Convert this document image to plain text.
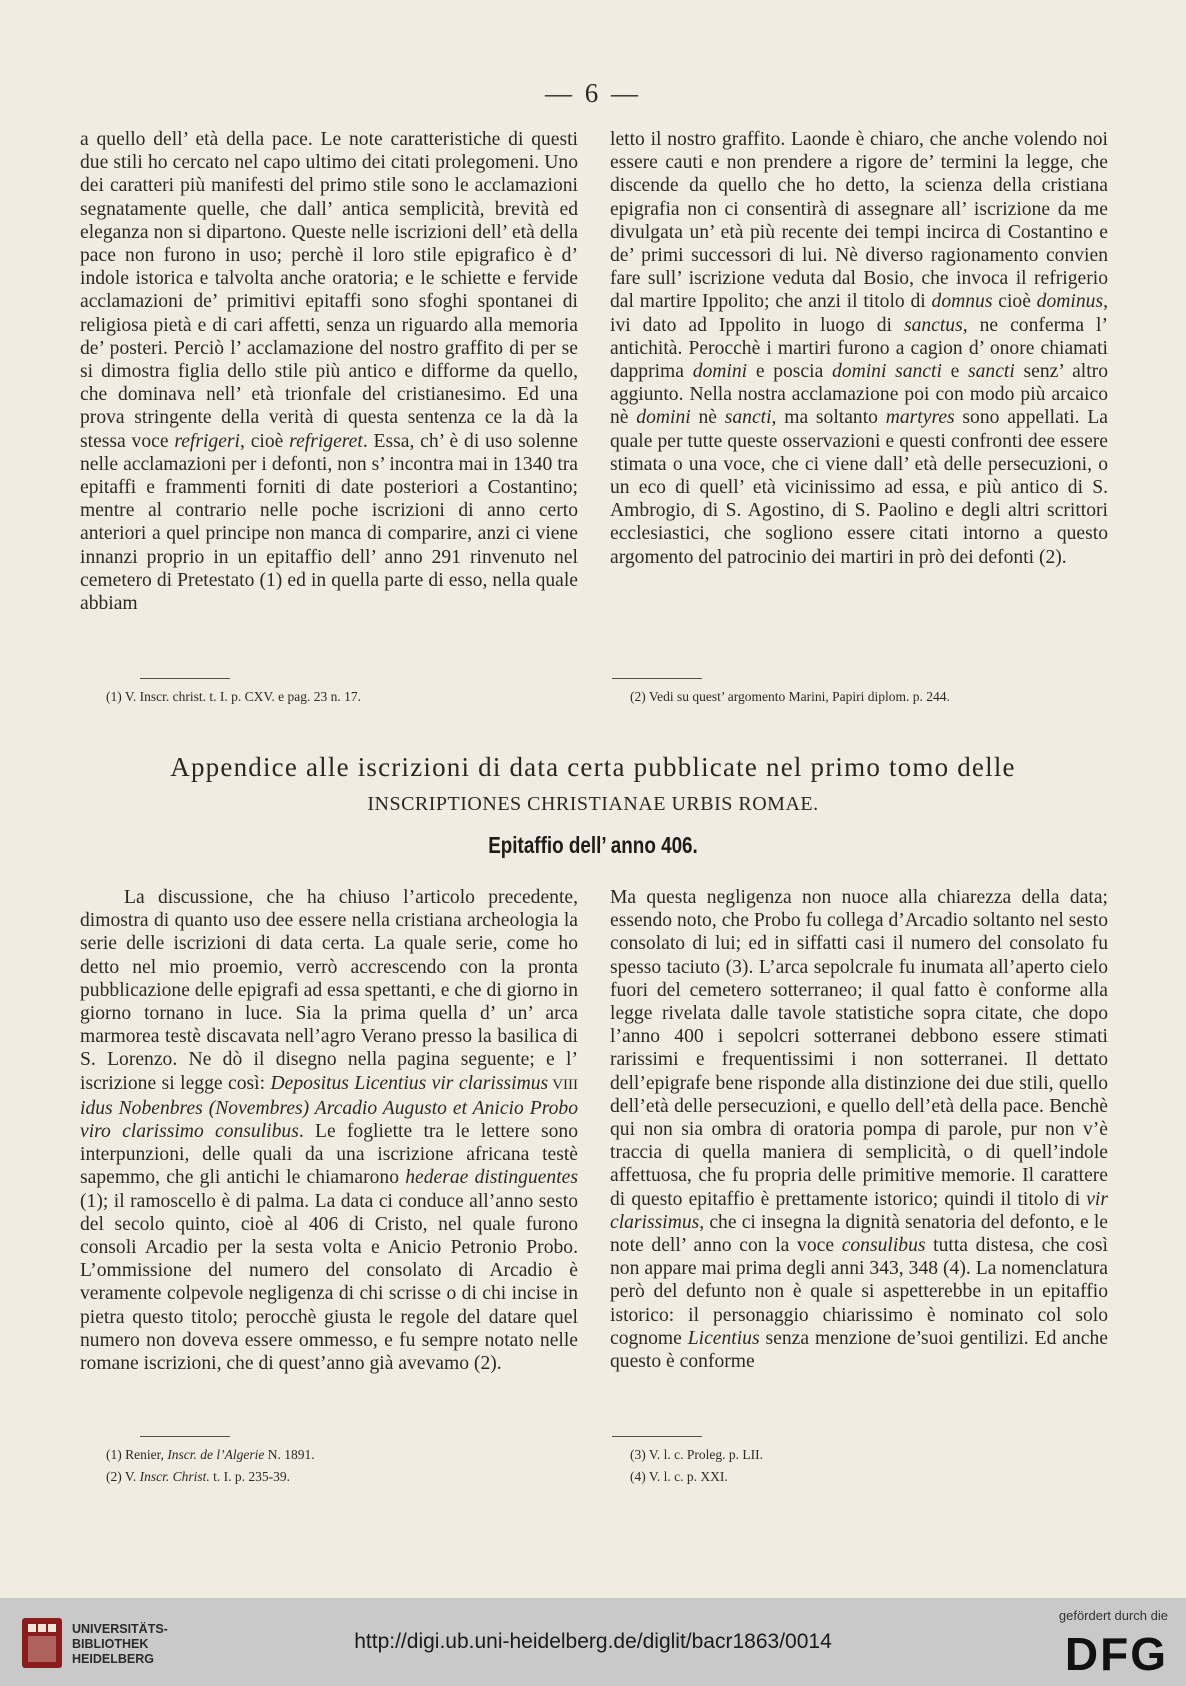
— 6 —

a quello dell’ età della pace. Le note caratteristiche di questi due stili ho cercato nel capo ultimo dei citati prolegomeni. Uno dei caratteri più manifesti del primo stile sono le acclamazioni segnatamente quelle, che dall’ antica semplicità, brevità ed eleganza non si dipartono. Queste nelle iscrizioni dell’ età della pace non furono in uso; perchè il loro stile epigrafico è d’ indole istorica e talvolta anche oratoria; e le schiette e fervide acclamazioni de’ primitivi epitaffi sono sfoghi spontanei di religiosa pietà e di cari affetti, senza un riguardo alla memoria de’ posteri. Perciò l’ acclamazione del nostro graffito di per se si dimostra figlia dello stile più antico e difforme da quello, che dominava nell’ età trionfale del cristianesimo. Ed una prova stringente della verità di questa sentenza ce la dà la stessa voce refrigeri, cioè refrigeret. Essa, ch’ è di uso solenne nelle acclamazioni per i defonti, non s’ incontra mai in 1340 tra epitaffi e frammenti forniti di date posteriori a Costantino; mentre al contrario nelle poche iscrizioni di anno certo anteriori a quel principe non manca di comparire, anzi ci viene innanzi proprio in un epitaffio dell’ anno 291 rinvenuto nel cemetero di Pretestato (1) ed in quella parte di esso, nella quale abbiam

letto il nostro graffito. Laonde è chiaro, che anche volendo noi essere cauti e non prendere a rigore de’ termini la legge, che discende da quello che ho detto, la scienza della cristiana epigrafia non ci consentirà di assegnare all’ iscrizione da me divulgata un’ età più recente dei tempi incirca di Costantino e de’ primi successori di lui. Nè diverso ragionamento convien fare sull’ iscrizione veduta dal Bosio, che invoca il refrigerio dal martire Ippolito; che anzi il titolo di domnus cioè dominus, ivi dato ad Ippolito in luogo di sanctus, ne conferma l’ antichità. Perocchè i martiri furono a cagion d’ onore chiamati dapprima domini e poscia domini sancti e sancti senz’ altro aggiunto. Nella nostra acclamazione poi con modo più arcaico nè domini nè sancti, ma soltanto martyres sono appellati. La quale per tutte queste osservazioni e questi confronti dee essere stimata o una voce, che ci viene dall’ età delle persecuzioni, o un eco di quell’ età vicinissimo ad essa, e più antico di S. Ambrogio, di S. Agostino, di S. Paolino e degli altri scrittori ecclesiastici, che sogliono essere citati intorno a questo argomento del patrocinio dei martiri in prò dei defonti (2).

(1) V. Inscr. christ. t. I. p. CXV. e pag. 23 n. 17.	(2) Vedi su quest’ argomento Marini, Papiri diplom. p. 244.
Appendice alle iscrizioni di data certa pubblicate nel primo tomo delle
INSCRIPTIONES CHRISTIANAE URBIS ROMAE.
Epitaffio dell’ anno 406.

La discussione, che ha chiuso l’articolo precedente, dimostra di quanto uso dee essere nella cristiana archeologia la serie delle iscrizioni di data certa. La quale serie, come ho detto nel mio proemio, verrò accrescendo con la pronta pubblicazione delle epigrafi ad essa spettanti, e che di giorno in giorno tornano in luce. Sia la prima quella d’ un’ arca marmorea testè discavata nell’agro Verano presso la basilica di S. Lorenzo. Ne dò il disegno nella pagina seguente; e l’ iscrizione si legge così: Depositus Licentius vir clarissimus VIII idus Nobenbres (Novembres) Arcadio Augusto et Anicio Probo viro clarissimo consulibus. Le fogliette tra le lettere sono interpunzioni, delle quali da una iscrizione africana testè sapemmo, che gli antichi le chiamarono hederae distinguentes (1); il ramoscello è di palma. La data ci conduce all’anno sesto del secolo quinto, cioè al 406 di Cristo, nel quale furono consoli Arcadio per la sesta volta e Anicio Petronio Probo. L’ommissione del numero del consolato di Arcadio è veramente colpevole negligenza di chi scrisse o di chi incise in pietra questo titolo; perocchè giusta le regole del datare quel numero non doveva essere ommesso, e fu sempre notato nelle romane iscrizioni, che di quest’anno già avevamo (2).

Ma questa negligenza non nuoce alla chiarezza della data; essendo noto, che Probo fu collega d’Arcadio soltanto nel sesto consolato di lui; ed in siffatti casi il numero del consolato fu spesso taciuto (3). L’arca sepolcrale fu inumata all’aperto cielo fuori del cemetero sotterraneo; il qual fatto è conforme alla legge rivelata dalle tavole statistiche sopra citate, che dopo l’anno 400 i sepolcri sotterranei debbono essere stimati rarissimi e frequentissimi i non sotterranei. Il dettato dell’epigrafe bene risponde alla distinzione dei due stili, quello dell’età delle persecuzioni, e quello dell’età della pace. Benchè qui non sia ombra di oratoria pompa di parole, pur non v’è traccia di quella maniera di semplicità, o di quell’indole affettuosa, che fu propria delle primitive memorie. Il carattere di questo epitaffio è prettamente istorico; quindi il titolo di vir clarissimus, che ci insegna la dignità senatoria del defonto, e le note dell’ anno con la voce consulibus tutta distesa, che così non appare mai prima degli anni 343, 348 (4). La nomenclatura però del defunto non è quale si aspetterebbe in un epitaffio istorico: il personaggio chiarissimo è nominato col solo cognome Licentius senza menzione de’suoi gentilizi. Ed anche questo è conforme

(1) Renier, Inscr. de l’Algerie N. 1891.
(2) V. Inscr. Christ. t. I. p. 235-39.
(3) V. l. c. Proleg. p. LII.
(4) V. l. c. p. XXI.
UNIVERSITÄTS-
BIBLIOTHEK
HEIDELBERG
http://digi.ub.uni-heidelberg.de/diglit/bacr1863/0014
gefördert durch die
DFG
